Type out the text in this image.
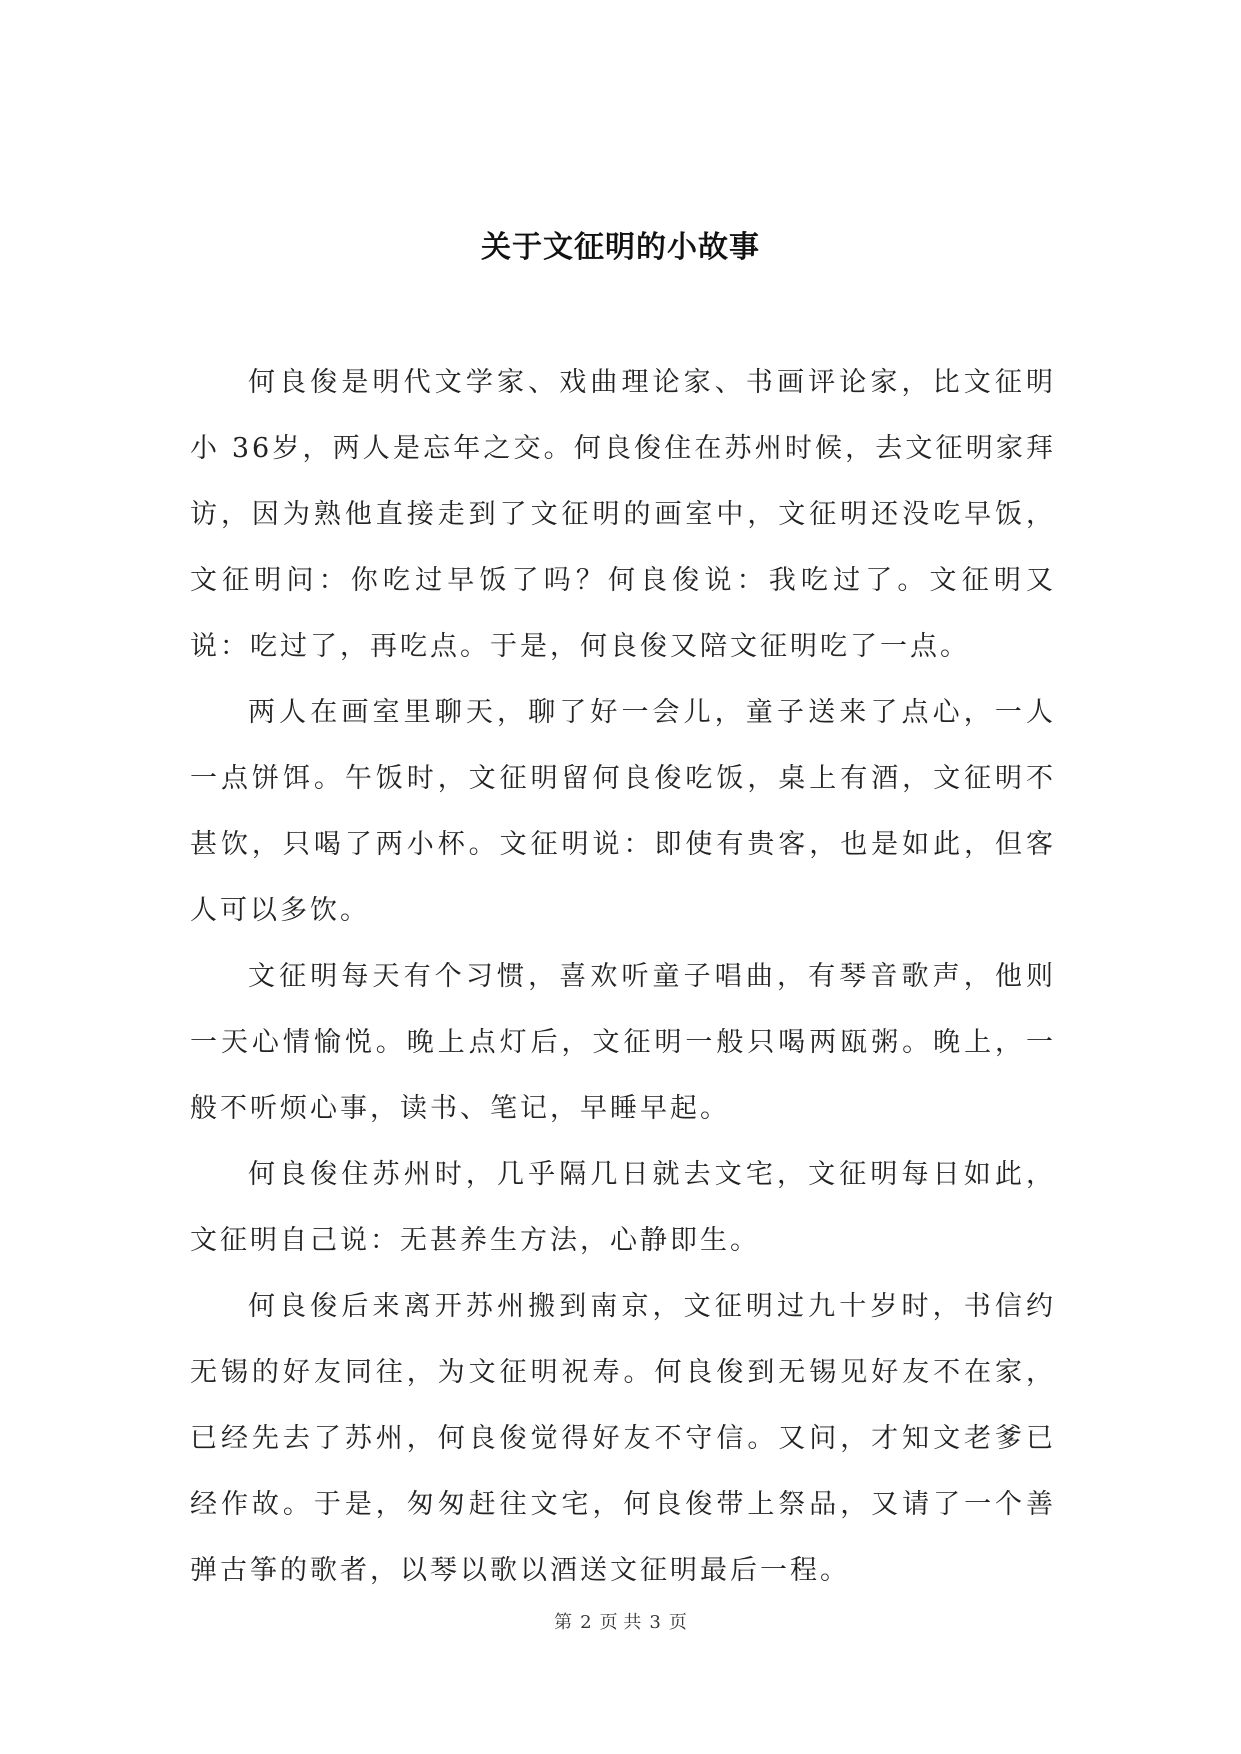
关于文征明的小故事

何良俊是明代文学家、戏曲理论家、书画评论家，比文征明小 36岁，两人是忘年之交。何良俊住在苏州时候，去文征明家拜访，因为熟他直接走到了文征明的画室中，文征明还没吃早饭，文征明问：你吃过早饭了吗？何良俊说：我吃过了。文征明又说：吃过了，再吃点。于是，何良俊又陪文征明吃了一点。

两人在画室里聊天，聊了好一会儿，童子送来了点心，一人一点饼饵。午饭时，文征明留何良俊吃饭，桌上有酒，文征明不甚饮，只喝了两小杯。文征明说：即使有贵客，也是如此，但客人可以多饮。

文征明每天有个习惯，喜欢听童子唱曲，有琴音歌声，他则一天心情愉悦。晚上点灯后，文征明一般只喝两瓯粥。晚上，一般不听烦心事，读书、笔记，早睡早起。

何良俊住苏州时，几乎隔几日就去文宅，文征明每日如此，文征明自己说：无甚养生方法，心静即生。

何良俊后来离开苏州搬到南京，文征明过九十岁时，书信约无锡的好友同往，为文征明祝寿。何良俊到无锡见好友不在家，已经先去了苏州，何良俊觉得好友不守信。又问，才知文老爹已经作故。于是，匆匆赶往文宅，何良俊带上祭品，又请了一个善弹古筝的歌者，以琴以歌以酒送文征明最后一程。

第 2 页 共 3 页
